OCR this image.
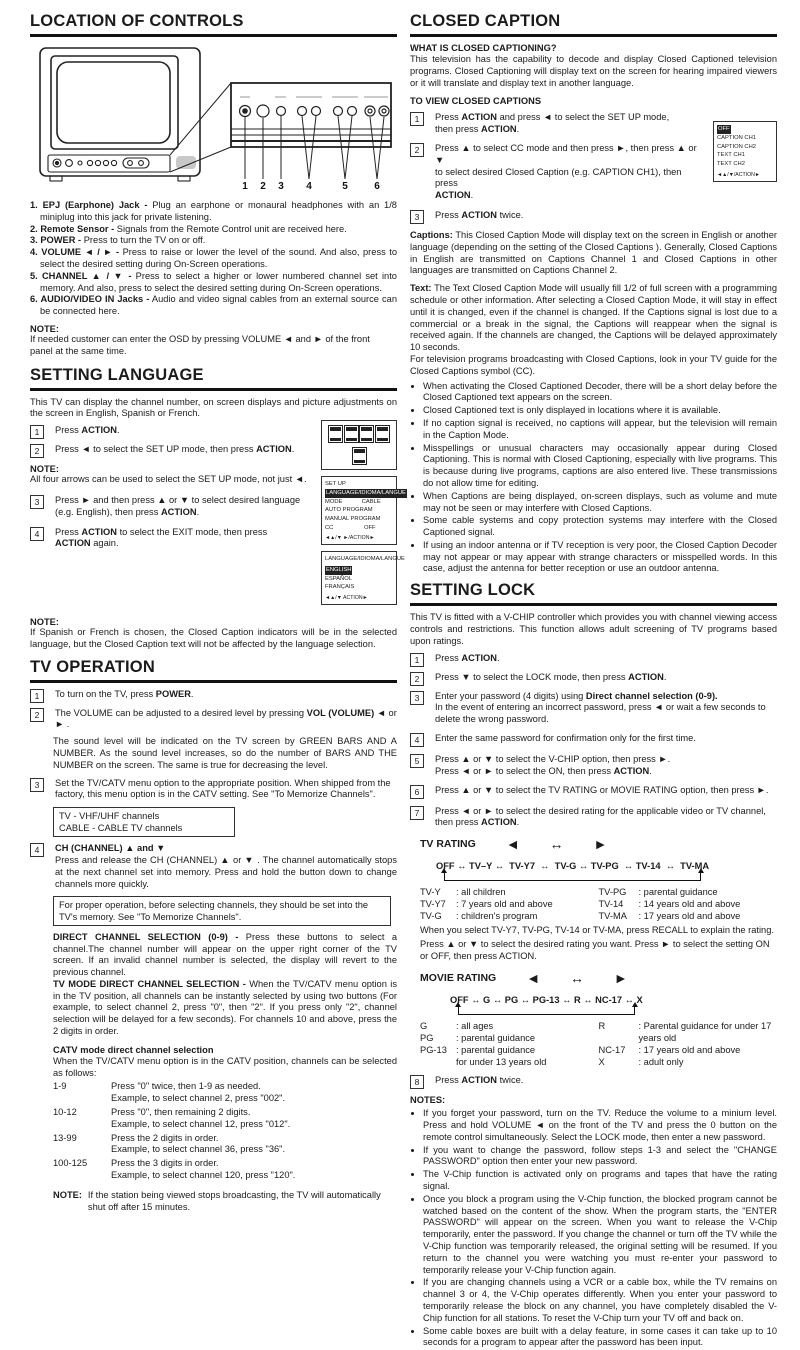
LOCATION OF CONTROLS
1 2 3 4	5	6
1. EPJ (Earphone) Jack - Plug an earphone or monaural headphones with an 1/8 miniplug into this jack for private listening.
2. Remote Sensor - Signals from the Remote Control unit are received here.
3. POWER - Press to turn the TV on or off.
4. VOLUME ◄ / ► - Press to raise or lower the level of the sound. And also, press to select the desired setting during On-Screen operations.
5. CHANNEL ▲ / ▼ - Press to select a higher or lower numbered channel set into memory. And also, press to select the desired setting during On-Screen operations.
6. AUDIO/VIDEO IN Jacks - Audio and video signal cables from an external source can be connected here.
NOTE:
If needed customer can enter the OSD by pressing VOLUME ◄ and ► of the front
panel at the same time.
SETTING LANGUAGE
This TV can display the channel number, on screen displays and picture adjustments on the screen in English, Spanish or French.
1	Press ACTION.
2	Press ◄ to select the SET UP mode, then press ACTION.
NOTE:
All four arrows can be used to select the SET UP mode, not just ◄.
3	Press ► and then press ▲ or ▼ to select desired language
(e.g. English), then press ACTION.
4	Press ACTION to select the EXIT mode, then press
ACTION again.
SET UP
LANGUAGE/IDIOMA/LANGUE
MODE            CABLE
AUTO PROGRAM
MANUAL PROGRAM
CC                   OFF
◄▲/▼ ►/ACTION►
LANGUAGE/IDIOMA/LANGUE
ENGLISH
ESPAÑOL
FRANÇAIS
◄▲/▼ ACTION►
NOTE:
If Spanish or French is chosen, the Closed Caption indicators will be in the selected language, but the Closed Caption text will not be affected by the language selection.
TV OPERATION
1	To turn on the TV, press POWER.
2	The VOLUME can be adjusted to a desired level by pressing VOL (VOLUME) ◄ or ► .
The sound level will be indicated on the TV screen by GREEN BARS AND A NUMBER. As the sound level increases, so do the number of BARS AND THE NUMBER on the screen. The same is true for decreasing the level.
3	Set the TV/CATV menu option to the appropriate position. When shipped from the factory, this menu option is in the CATV setting. See "To Memorize Channels".
TV - VHF/UHF channels
CABLE - CABLE TV channels
4	CH (CHANNEL) ▲ and ▼
Press and release the CH (CHANNEL) ▲ or ▼ . The channel automatically stops at the next channel set into memory. Press and hold the button down to change channels more quickly.
For proper operation, before selecting channels, they should be set into the TV's memory. See "To Memorize Channels".
DIRECT CHANNEL SELECTION (0-9) - Press these buttons to select a channel.The channel number will appear on the upper right corner of the TV screen. If an invalid channel number is selected, the display will revert to the previous channel.
TV MODE DIRECT CHANNEL SELECTION - When the TV/CATV menu option is in the TV position, all channels can be instantly selected by using two buttons (For example, to select channel 2, press "0", then "2". If you press only "2", channel selection will be delayed for a few seconds). For channels 10 and above, press the 2 digits in order.
CATV mode direct channel selection
When the TV/CATV menu option is in the CATV position, channels can be selected as follows:
1-9	Press "0" twice, then 1-9 as needed.
Example, to select channel 2, press "002".
10-12	Press "0", then remaining 2 digits.
Example, to select channel 12, press "012".
13-99	Press the 2 digits in order.
Example, to select channel 36, press "36".
100-125	Press the 3 digits in order.
Example, to select channel 120, press "120".
NOTE: If the station being viewed stops broadcasting, the TV will automatically shut off after 15 minutes.
CLOSED CAPTION
WHAT IS CLOSED CAPTIONING?
This television has the capability to decode and display Closed Captioned television programs. Closed Captioning will display text on the screen for hearing impaired viewers or it will translate and display text in another language.
TO VIEW CLOSED CAPTIONS
1	Press ACTION and press ◄ to select the SET UP mode,
then press ACTION.
2	Press ▲ to select CC mode and then press ►, then press ▲ or ▼
to select desired Closed Caption (e.g. CAPTION CH1), then press
ACTION.
3	Press ACTION twice.
OFF
CAPTION CH1
CAPTION CH2
TEXT CH1
TEXT CH2
◄▲/▼/ACTION►
Captions: This Closed Caption Mode will display text on the screen in English or another language (depending on the setting of the Closed Captions ). Generally, Closed Captions in English are transmitted on Captions Channel 1 and Closed Captions in other languages are transmitted on Captions Channel 2.
Text: The Text Closed Caption Mode will usually fill 1/2 of full screen with a programming schedule or other information. After selecting a Closed Caption Mode, it will stay in effect until it is changed, even if the channel is changed. If the Captions signal is lost due to a commercial or a break in the signal, the Captions will reappear when the signal is received again. If the channels are changed, the Captions will be delayed approximately 10 seconds.
For television programs broadcasting with Closed Captions, look in your TV guide for the Closed Captions symbol (CC).
• When activating the Closed Captioned Decoder, there will be a short delay before the Closed Captioned text appears on the screen.
• Closed Captioned text is only displayed in locations where it is available.
• If no caption signal is received, no captions will appear, but the television will remain in the Caption Mode.
• Misspellings or unusual characters may occasionally appear during Closed Captioning. This is normal with Closed Captioning, especially with live programs. This is because during live programs, captions are also entered live. These transmissions do not allow time for editing.
• When Captions are being displayed, on-screen displays, such as volume and mute may not be seen or may interfere with Closed Captions.
• Some cable systems and copy protection systems may interfere with the Closed Captioned signal.
• If using an indoor antenna or if TV reception is very poor, the Closed Caption Decoder may not appear or may appear with strange characters or misspelled words. In this case, adjust the antenna for better reception or use an outdoor antenna.
SETTING LOCK
This TV is fitted with a V-CHIP controller which provides you with channel viewing access controls and restrictions. This function allows adult screening of TV programs based upon ratings.
1	Press ACTION.
2	Press ▼ to select the LOCK mode, then press ACTION.
3	Enter your password (4 digits) using Direct channel selection (0-9).
In the event of entering an incorrect password, press ◄ or wait a few seconds to delete the wrong password.
4	Enter the same password for confirmation only for the first time.
5	Press ▲ or ▼ to select the V-CHIP option, then press ►.
Press ◄ or ► to select the ON, then press ACTION.
6	Press ▲ or ▼ to select the TV RATING or MOVIE RATING option, then press ►.
7	Press ◄ or ► to select the desired rating for the applicable video or TV channel, then press ACTION.
TV RATING ◄ ↔ ►
OFF ↔ TV–Y ↔  TV-Y7  ↔  TV-G ↔ TV-PG  ↔ TV-14  ↔  TV-MA
TV-Y	: all children
TV-Y7	: 7 years old and above
TV-G	: children's program
TV-PG	: parental guidance
TV-14	: 14 years old and above
TV-MA	: 17 years old and above
When you select TV-Y7, TV-PG, TV-14 or TV-MA, press RECALL to explain the rating.
Press ▲ or ▼ to select the desired rating you want. Press ► to select the setting ON or OFF, then press ACTION.
MOVIE RATING ◄ ↔ ►
OFF ↔ G ↔ PG ↔ PG-13 ↔ R ↔ NC-17 ↔ X
G	: all ages
PG	: parental guidance
PG-13 : parental guidance
for under 13 years old
R	: Parental guidance for under 17
years old
NC-17	: 17 years old and above
X	: adult only
8	Press ACTION twice.
NOTES:
• If you forget your password, turn on the TV. Reduce the volume to a minium level. Press and hold VOLUME ◄ on the front of the TV and press the 0 button on the remote control simultaneously. Select the LOCK mode, then enter a new password.
• If you want to change the password, follow steps 1-3 and select the "CHANGE PASSWORD" option then enter your new password.
• The V-Chip function is activated only on programs and tapes that have the rating signal.
• Once you block a program using the V-Chip function, the blocked program cannot be watched based on the content of the show. When the program starts, the "ENTER PASSWORD" will appear on the screen. When you want to release the V-Chip temporarily, enter the password. If you change the channel or turn off the TV while the V-Chip function was temporarily released, the original setting will be resumed. If you return to the channel you were watching you must re-enter your password to temporarily release your V-Chip function again.
• If you are changing channels using a VCR or a cable box, while the TV remains on channel 3 or 4, the V-Chip operates differently. When you enter your password to temporarily release the block on any channel, you have completely disabled the V-Chip function for all stations. To reset the V-Chip turn your TV off and back on.
• Some cable boxes are built with a delay feature, in some cases it can take up to 10 seconds for a program to appear after the password has been input.
